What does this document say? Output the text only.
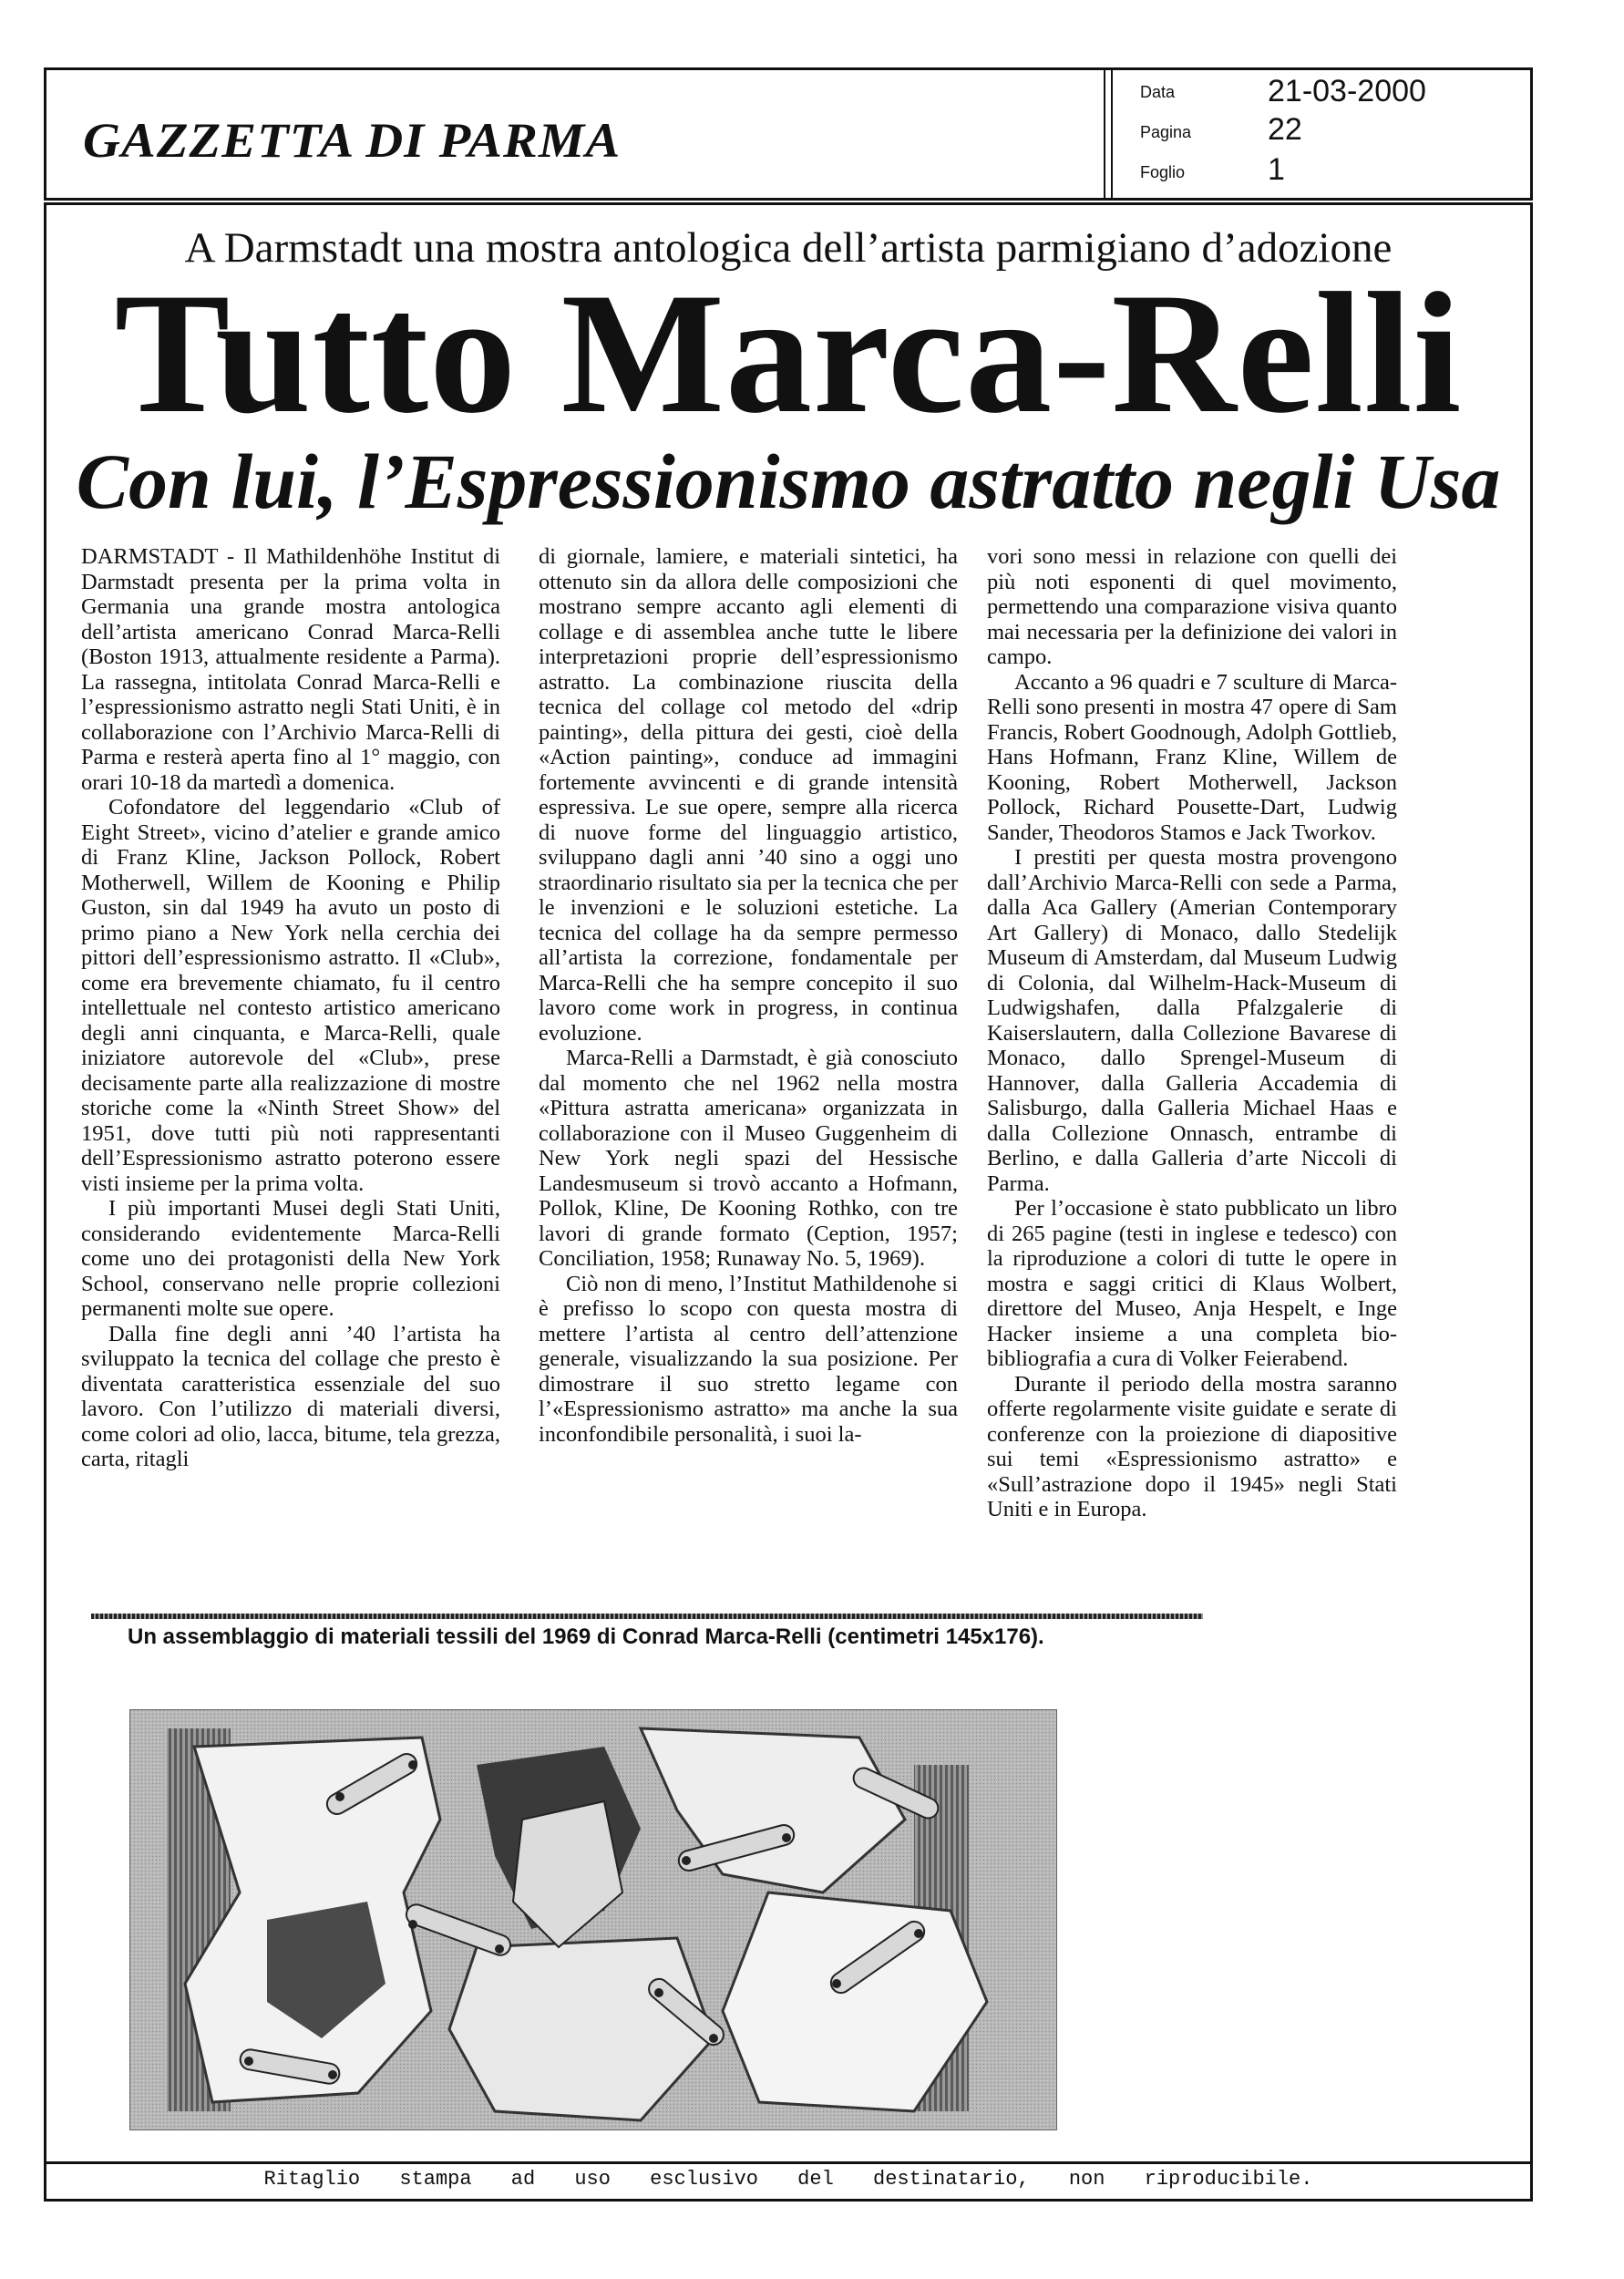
GAZZETTA DI PARMA
Data	21-03-2000
Pagina 22
Foglio	1
A Darmstadt una mostra antologica dell’artista parmigiano d’adozione
Tutto Marca-Relli
Con lui, l’Espressionismo astratto negli Usa

DARMSTADT - Il Mathildenhöhe Institut di Darmstadt presenta per la prima volta in Germania una grande mostra antologica dell’artista americano Conrad Marca-Relli (Boston 1913, attualmente residente a Parma). La rassegna, intitolata Conrad Marca-Relli e l’espressionismo astratto negli Stati Uniti, è in collaborazione con l’Archivio Marca-Relli di Parma e resterà aperta fino al 1° maggio, con orari 10-18 da martedì a domenica.

Cofondatore del leggendario «Club of Eight Street», vicino d’atelier e grande amico di Franz Kline, Jackson Pollock, Robert Motherwell, Willem de Kooning e Philip Guston, sin dal 1949 ha avuto un posto di primo piano a New York nella cerchia dei pittori dell’espressionismo astratto. Il «Club», come era brevemente chiamato, fu il centro intellettuale nel contesto artistico americano degli anni cinquanta, e Marca-Relli, quale iniziatore autorevole del «Club», prese decisamente parte alla realizzazione di mostre storiche come la «Ninth Street Show» del 1951, dove tutti più noti rappresentanti dell’Espressionismo astratto poterono essere visti insieme per la prima volta.

I più importanti Musei degli Stati Uniti, considerando evidentemente Marca-Relli come uno dei protagonisti della New York School, conservano nelle proprie collezioni permanenti molte sue opere.

Dalla fine degli anni ’40 l’artista ha sviluppato la tecnica del collage che presto è diventata caratteristica essenziale del suo lavoro. Con l’utilizzo di materiali diversi, come colori ad olio, lacca, bitume, tela grezza, carta, ritagli

di giornale, lamiere, e materiali sintetici, ha ottenuto sin da allora delle composizioni che mostrano sempre accanto agli elementi di collage e di assemblea anche tutte le libere interpretazioni proprie dell’espressionismo astratto. La combinazione riuscita della tecnica del collage col metodo del «drip painting», della pittura dei gesti, cioè della «Action painting», conduce ad immagini fortemente avvincenti e di grande intensità espressiva. Le sue opere, sempre alla ricerca di nuove forme del linguaggio artistico, sviluppano dagli anni ’40 sino a oggi uno straordinario risultato sia per la tecnica che per le invenzioni e le soluzioni estetiche. La tecnica del collage ha da sempre permesso all’artista la correzione, fondamentale per Marca-Relli che ha sempre concepito il suo lavoro come work in progress, in continua evoluzione.

Marca-Relli a Darmstadt, è già conosciuto dal momento che nel 1962 nella mostra «Pittura astratta americana» organizzata in collaborazione con il Museo Guggenheim di New York negli spazi del Hessische Landesmuseum si trovò accanto a Hofmann, Pollok, Kline, De Kooning Rothko, con tre lavori di grande formato (Ception, 1957; Conciliation, 1958; Runaway No. 5, 1969).

Ciò non di meno, l’Institut Mathildenohe si è prefisso lo scopo con questa mostra di mettere l’artista al centro dell’attenzione generale, visualizzando la sua posizione. Per dimostrare il suo stretto legame con l’«Espressionismo astratto» ma anche la sua inconfondibile personalità, i suoi la-

vori sono messi in relazione con quelli dei più noti esponenti di quel movimento, permettendo una comparazione visiva quanto mai necessaria per la definizione dei valori in campo.

Accanto a 96 quadri e 7 sculture di Marca-Relli sono presenti in mostra 47 opere di Sam Francis, Robert Goodnough, Adolph Gottlieb, Hans Hofmann, Franz Kline, Willem de Kooning, Robert Motherwell, Jackson Pollock, Richard Pousette-Dart, Ludwig Sander, Theodoros Stamos e Jack Tworkov.

I prestiti per questa mostra provengono dall’Archivio Marca-Relli con sede a Parma, dalla Aca Gallery (Amerian Contemporary Art Gallery) di Monaco, dallo Stedelijk Museum di Amsterdam, dal Museum Ludwig di Colonia, dal Wilhelm-Hack-Museum di Ludwigshafen, dalla Pfalzgalerie di Kaiserslautern, dalla Collezione Bavarese di Monaco, dallo Sprengel-Museum di Hannover, dalla Galleria Accademia di Salisburgo, dalla Galleria Michael Haas e dalla Collezione Onnasch, entrambe di Berlino, e dalla Galleria d’arte Niccoli di Parma.

Per l’occasione è stato pubblicato un libro di 265 pagine (testi in inglese e tedesco) con la riproduzione a colori di tutte le opere in mostra e saggi critici di Klaus Wolbert, direttore del Museo, Anja Hespelt, e Inge Hacker insieme a una completa bio-bibliografia a cura di Volker Feierabend.

Durante il periodo della mostra saranno offerte regolarmente visite guidate e serate di conferenze con la proiezione di diapositive sui temi «Espressionismo astratto» e «Sull’astrazione dopo il 1945» negli Stati Uniti e in Europa.

Un assemblaggio di materiali tessili del 1969 di Conrad Marca-Relli (centimetri 145x176).
Ritaglio stampa ad uso esclusivo del destinatario, non riproducibile.
